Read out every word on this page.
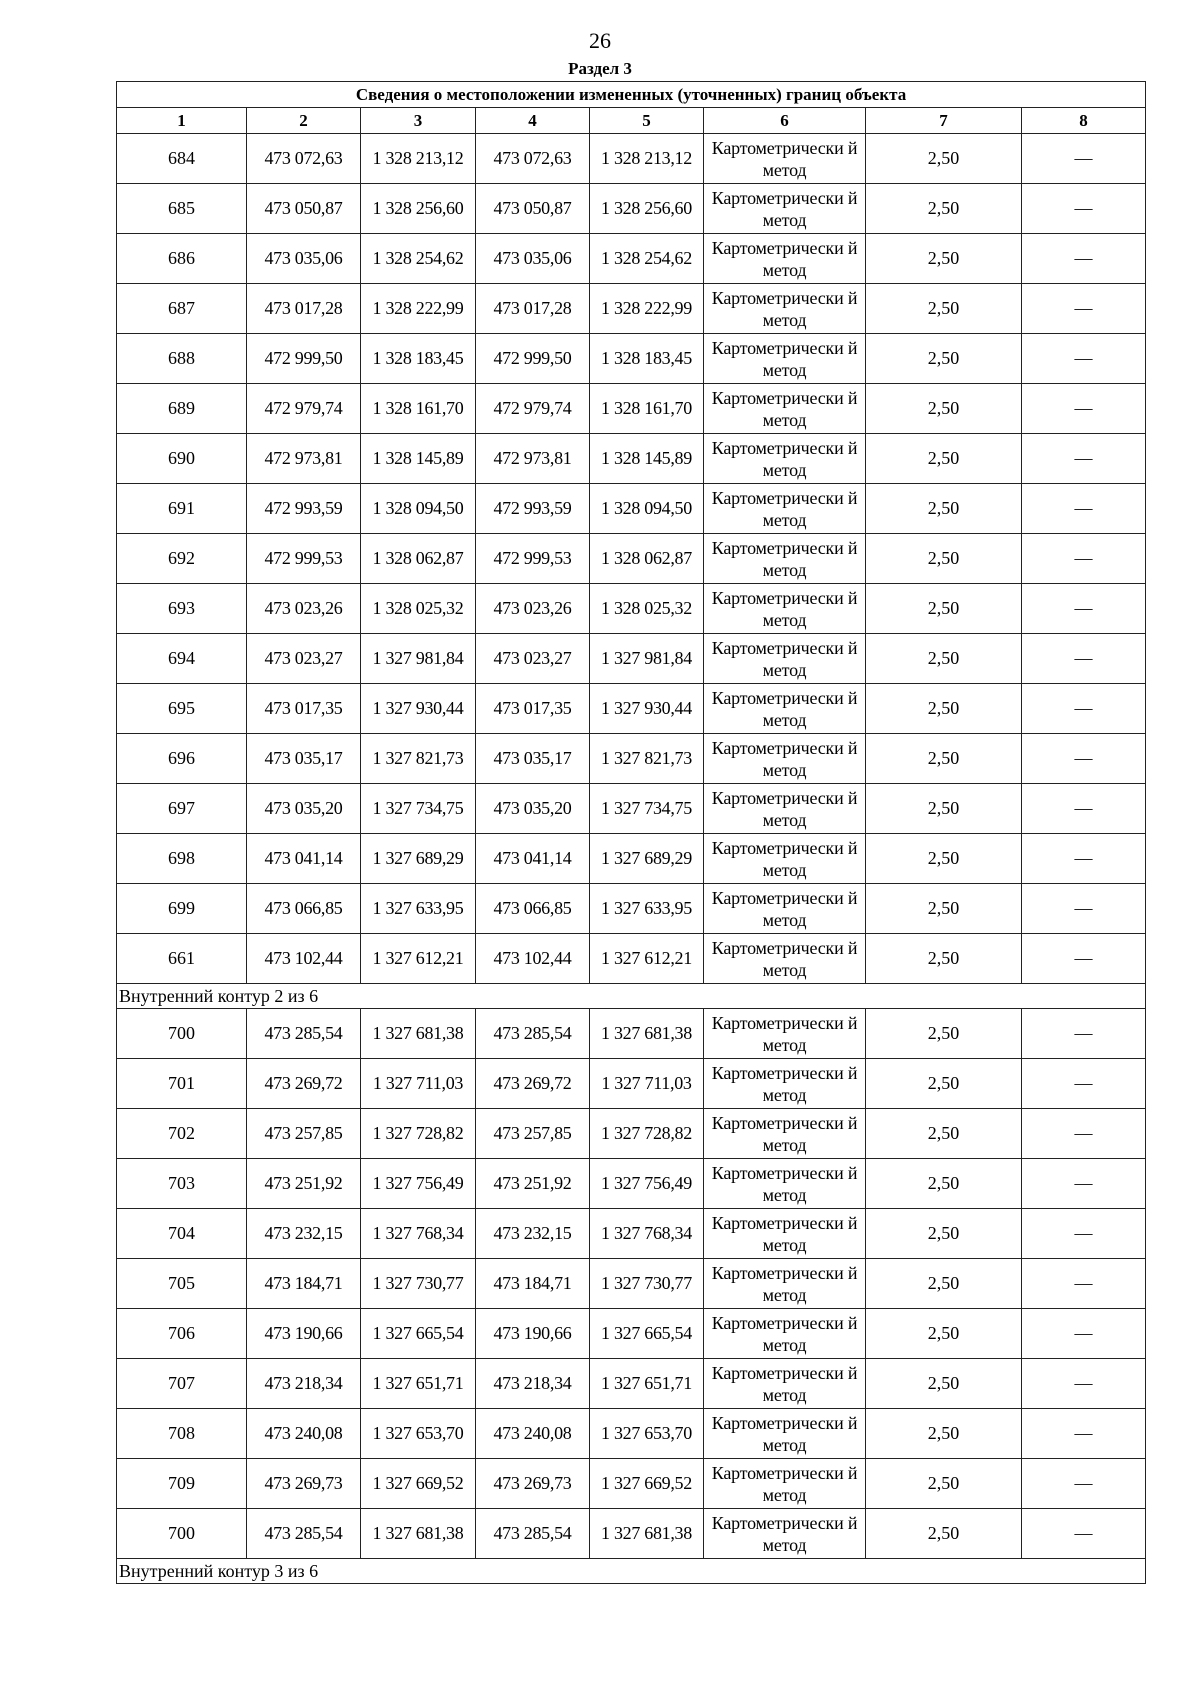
26
Раздел 3
Сведения о местоположении измененных (уточненных) границ объекта							
1	2	3	4	5	6	7	8
684	473 072,63	1 328 213,12	473 072,63	1 328 213,12	Картометрически й метод	2,50	—
685	473 050,87	1 328 256,60	473 050,87	1 328 256,60	Картометрически й метод	2,50	—
686	473 035,06	1 328 254,62	473 035,06	1 328 254,62	Картометрически й метод	2,50	—
687	473 017,28	1 328 222,99	473 017,28	1 328 222,99	Картометрически й метод	2,50	—
688	472 999,50	1 328 183,45	472 999,50	1 328 183,45	Картометрически й метод	2,50	—
689	472 979,74	1 328 161,70	472 979,74	1 328 161,70	Картометрически й метод	2,50	—
690	472 973,81	1 328 145,89	472 973,81	1 328 145,89	Картометрически й метод	2,50	—
691	472 993,59	1 328 094,50	472 993,59	1 328 094,50	Картометрически й метод	2,50	—
692	472 999,53	1 328 062,87	472 999,53	1 328 062,87	Картометрически й метод	2,50	—
693	473 023,26	1 328 025,32	473 023,26	1 328 025,32	Картометрически й метод	2,50	—
694	473 023,27	1 327 981,84	473 023,27	1 327 981,84	Картометрически й метод	2,50	—
695	473 017,35	1 327 930,44	473 017,35	1 327 930,44	Картометрически й метод	2,50	—
696	473 035,17	1 327 821,73	473 035,17	1 327 821,73	Картометрически й метод	2,50	—
697	473 035,20	1 327 734,75	473 035,20	1 327 734,75	Картометрически й метод	2,50	—
698	473 041,14	1 327 689,29	473 041,14	1 327 689,29	Картометрически й метод	2,50	—
699	473 066,85	1 327 633,95	473 066,85	1 327 633,95	Картометрически й метод	2,50	—
661	473 102,44	1 327 612,21	473 102,44	1 327 612,21	Картометрически й метод	2,50	—
Внутренний контур 2 из 6							
700	473 285,54	1 327 681,38	473 285,54	1 327 681,38	Картометрически й метод	2,50	—
701	473 269,72	1 327 711,03	473 269,72	1 327 711,03	Картометрически й метод	2,50	—
702	473 257,85	1 327 728,82	473 257,85	1 327 728,82	Картометрически й метод	2,50	—
703	473 251,92	1 327 756,49	473 251,92	1 327 756,49	Картометрически й метод	2,50	—
704	473 232,15	1 327 768,34	473 232,15	1 327 768,34	Картометрически й метод	2,50	—
705	473 184,71	1 327 730,77	473 184,71	1 327 730,77	Картометрически й метод	2,50	—
706	473 190,66	1 327 665,54	473 190,66	1 327 665,54	Картометрически й метод	2,50	—
707	473 218,34	1 327 651,71	473 218,34	1 327 651,71	Картометрически й метод	2,50	—
708	473 240,08	1 327 653,70	473 240,08	1 327 653,70	Картометрически й метод	2,50	—
709	473 269,73	1 327 669,52	473 269,73	1 327 669,52	Картометрически й метод	2,50	—
700	473 285,54	1 327 681,38	473 285,54	1 327 681,38	Картометрически й метод	2,50	—
Внутренний контур 3 из 6							
